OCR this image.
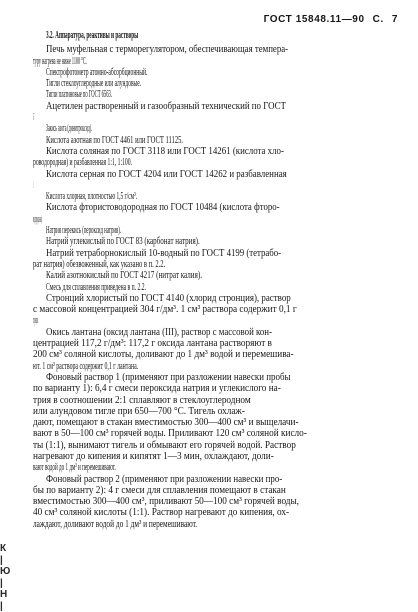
ГОСТ 15848.11—90 С. 7
3.2. Аппаратура, реактивы и растворы
Печь муфельная с терморегулятором, обеспечивающая темпера-
туру нагрева не ниже 1100 °C.
Спектрофотометр атомно-абсорбционный.
Тигли стеклоуглеродные или алундовые.
Тигли платиновые по ГОСТ 6563.
Ацетилен растворенный и газообразный технический по ГОСТ
5457.
Закись азота (динитроксид).
Кислота азотная по ГОСТ 4461 или ГОСТ 11125.
Кислота соляная по ГОСТ 3118 или ГОСТ 14261 (кислота хло-
роводородная) и разбавленная 1:1, 1:100.
Кислота серная по ГОСТ 4204 или ГОСТ 14262 и разбавленная
1:1.
Кислота хлорная, плотностью 1,5 г/см³.
Кислота фтористоводородная по ГОСТ 10484 (кислота фторо-
водородная).
Натрия перекись (пероксид натрия).
Натрий углекислый по ГОСТ 83 (карбонат натрия).
Натрий тетраборнокислый 10-водный по ГОСТ 4199 (тетрабо-
рат натрия) обезвоженный, как указано в п. 2.2.
Калий азотнокислый по ГОСТ 4217 (нитрат калия).
Смесь для сплавления приведена в п. 2.2.
Стронций хлористый по ГОСТ 4140 (хлорид стронция), раствор
с массовой концентрацией 304 г/дм³. 1 см³ раствора содержит 0,1 г
стронция.
Окись лантана (оксид лантана (III), раствор с массовой кон-
центрацией 117,2 г/дм³: 117,2 г оксида лантана растворяют в
200 см³ соляной кислоты, доливают до 1 дм³ водой и перемешива-
ют. 1 см³ раствора содержит 0,1 г лантана.
Фоновый раствор 1 (применяют при разложении навески пробы
по варианту 1): 6,4 г смеси пероксида натрия и углекислого на-
трия в соотношении 2:1 сплавляют в стеклоуглеродном
или алундовом тигле при 650—700 °C. Тигель охлаж-
дают, помещают в стакан вместимостью 300—400 см³ и выщелачи-
вают в 50—100 см³ горячей воды. Приливают 120 см³ соляной кисло-
ты (1:1), вынимают тигель и обмывают его горячей водой. Раствор
нагревают до кипения и кипятят 1—3 мин, охлаждают, доли-
вают водой до 1 дм³ и перемешивают.
Фоновый раствор 2 (применяют при разложении навески про-
бы по варианту 2): 4 г смеси для сплавления помещают в стакан
вместимостью 300—400 см³, приливают 50—100 см³ горячей воды,
40 см³ соляной кислоты (1:1). Раствор нагревают до кипения, ох-
лаждают, доливают водой до 1 дм³ и перемешивают.
К
|
Ю
|
Н
|
